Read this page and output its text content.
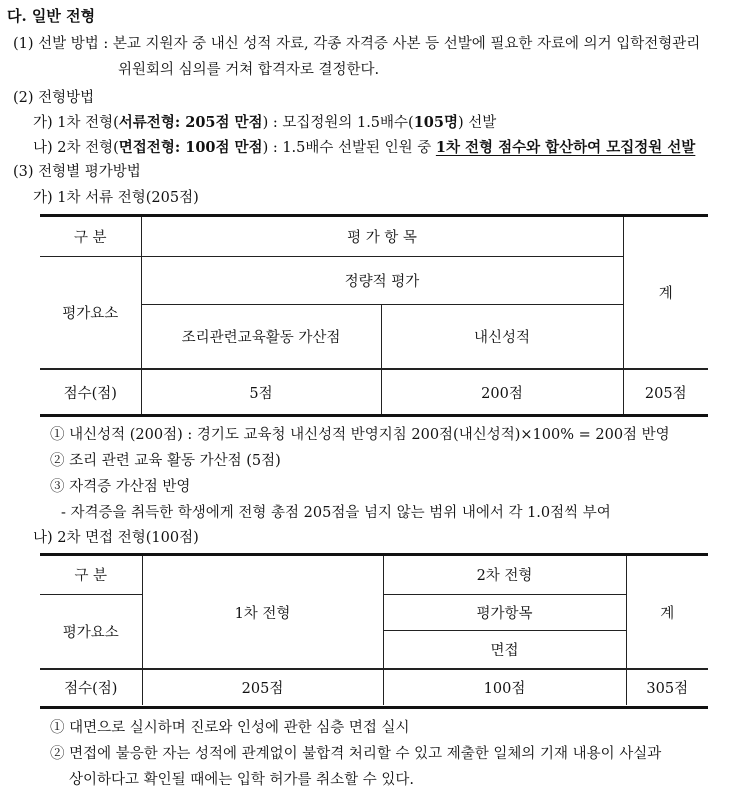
다. 일반 전형
(1) 선발 방법 : 본교 지원자 중 내신 성적 자료, 각종 자격증 사본 등 선발에 필요한 자료에 의거 입학전형관리
위원회의 심의를 거쳐 합격자로 결정한다.
(2) 전형방법
가) 1차 전형(서류전형: 205점 만점) : 모집정원의 1.5배수(105명) 선발
나) 2차 전형(면접전형: 100점 만점) : 1.5배수 선발된 인원 중 1차 전형 점수와 합산하여 모집정원 선발
(3) 전형별 평가방법
가) 1차 서류 전형(205점)
구 분	평 가 항 목		계
평가요소	정량적 평가		
	조리관련교육활동 가산점	내신성적	
점수(점)	5점	200점	205점
① 내신성적 (200점) : 경기도 교육청 내신성적 반영지침 200점(내신성적)×100% = 200점 반영
② 조리 관련 교육 활동 가산점 (5점)
③ 자격증 가산점 반영
- 자격증을 취득한 학생에게 전형 총점 205점을 넘지 않는 범위 내에서 각 1.0점씩 부여
나) 2차 면접 전형(100점)
구 분	1차 전형	2차 전형	계
평가요소		평가항목	
		면접	
점수(점)	205점	100점	305점
① 대면으로 실시하며 진로와 인성에 관한 심층 면접 실시
② 면접에 불응한 자는 성적에 관계없이 불합격 처리할 수 있고 제출한 일체의 기재 내용이 사실과
상이하다고 확인될 때에는 입학 허가를 취소할 수 있다.
